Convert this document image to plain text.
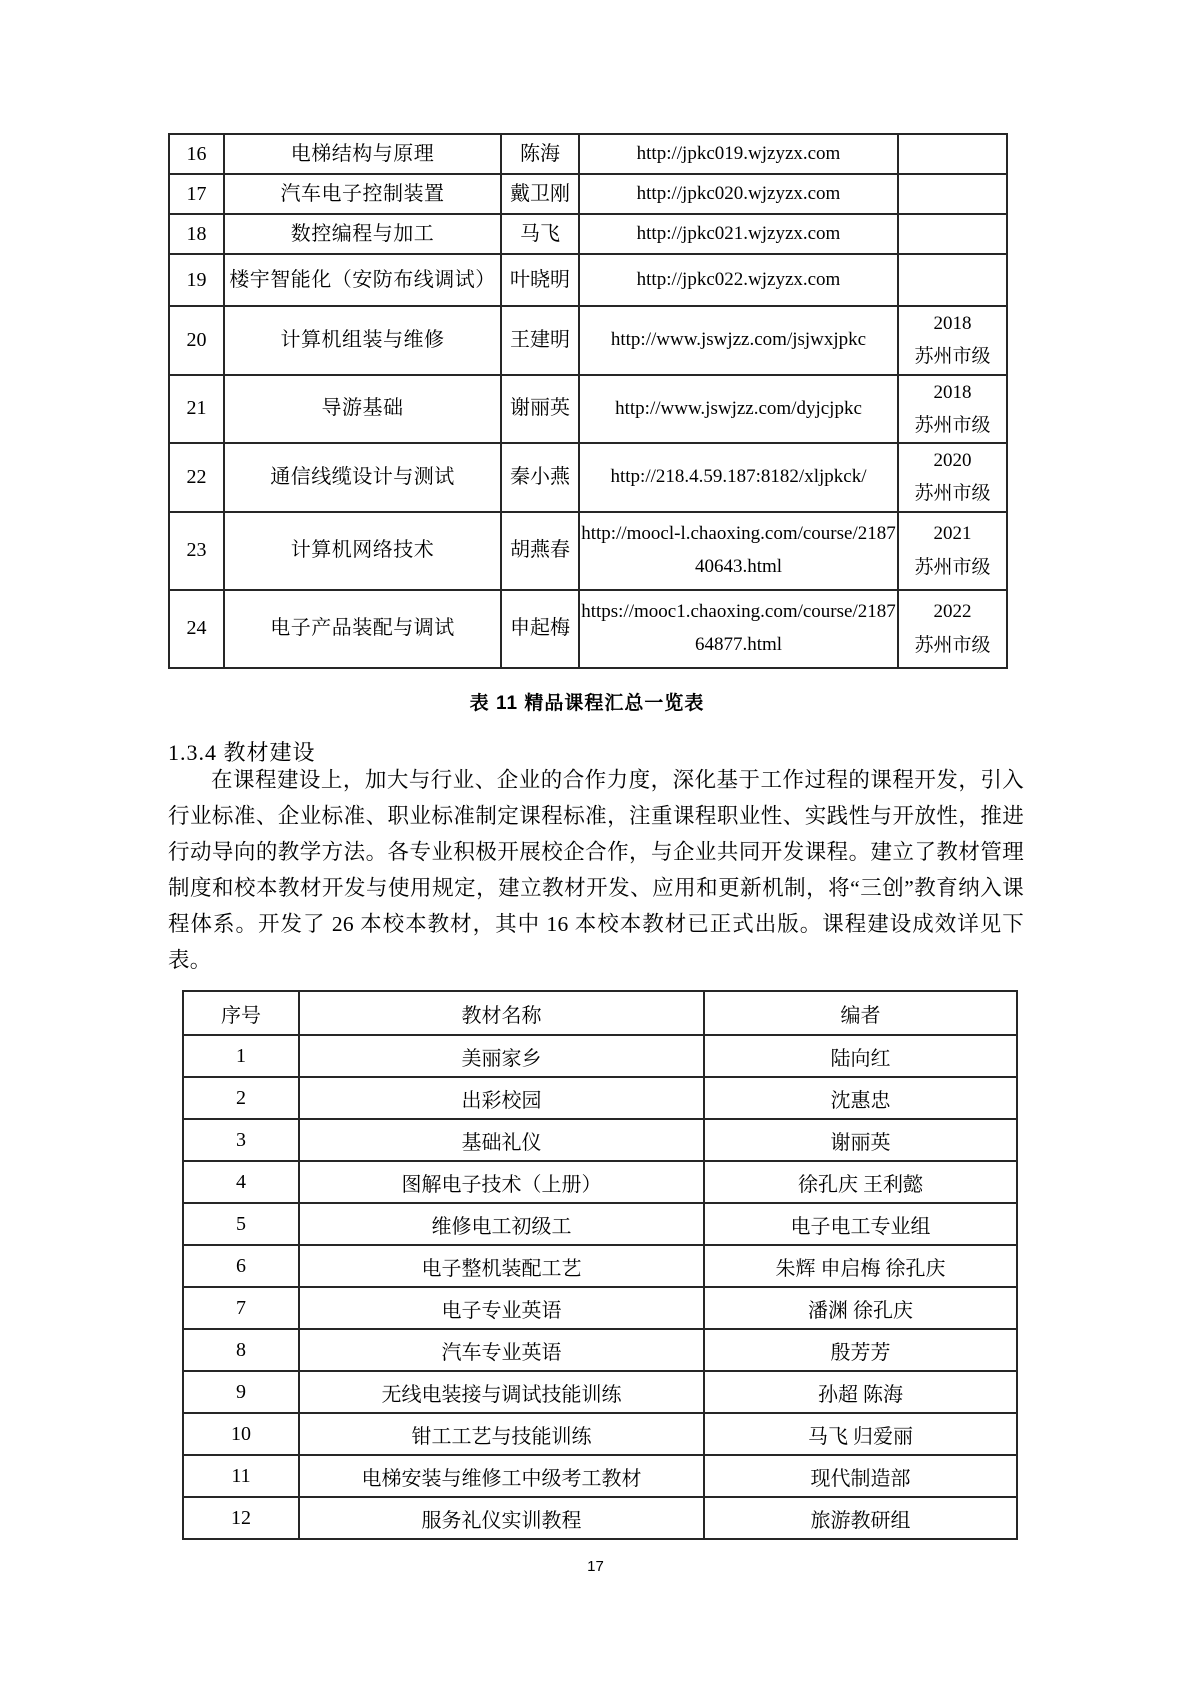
16	电梯结构与原理	陈海	http://jpkc019.wjzyzx.com	

17	汽车电子控制装置	戴卫刚	http://jpkc020.wjzyzx.com	

18	数控编程与加工	马飞	http://jpkc021.wjzyzx.com	

19	楼宇智能化（安防布线调试）	叶晓明	http://jpkc022.wjzyzx.com	

20	计算机组装与维修	王建明	http://www.jswjzz.com/jsjwxjpkc	2018
苏州市级

21	导游基础	谢丽英	http://www.jswjzz.com/dyjcjpkc	2018
苏州市级

22	通信线缆设计与测试	秦小燕	http://218.4.59.187:8182/xljpkck/	2020
苏州市级

23	计算机网络技术	胡燕春	http://moocl-l.chaoxing.com/course/218740643.html	2021
苏州市级

24	电子产品装配与调试	申起梅	https://mooc1.chaoxing.com/course/218764877.html	2022
苏州市级
表 11 精品课程汇总一览表
1.3.4 教材建设
在课程建设上，加大与行业、企业的合作力度，深化基于工作过程的课程开发，引入行业标准、企业标准、职业标准制定课程标准，注重课程职业性、实践性与开放性，推进行动导向的教学方法。各专业积极开展校企合作，与企业共同开发课程。建立了教材管理制度和校本教材开发与使用规定，建立教材开发、应用和更新机制，将“三创”教育纳入课程体系。开发了 26 本校本教材，其中 16 本校本教材已正式出版。课程建设成效详见下表。
序号	教材名称	编者
1	美丽家乡	陆向红
2	出彩校园	沈惠忠
3	基础礼仪	谢丽英
4	图解电子技术（上册）	徐孔庆 王利懿
5	维修电工初级工	电子电工专业组
6	电子整机装配工艺	朱辉 申启梅 徐孔庆
7	电子专业英语	潘渊 徐孔庆
8	汽车专业英语	殷芳芳
9	无线电装接与调试技能训练	孙超 陈海
10	钳工工艺与技能训练	马飞 归爱丽
11	电梯安装与维修工中级考工教材	现代制造部
12	服务礼仪实训教程	旅游教研组
17
